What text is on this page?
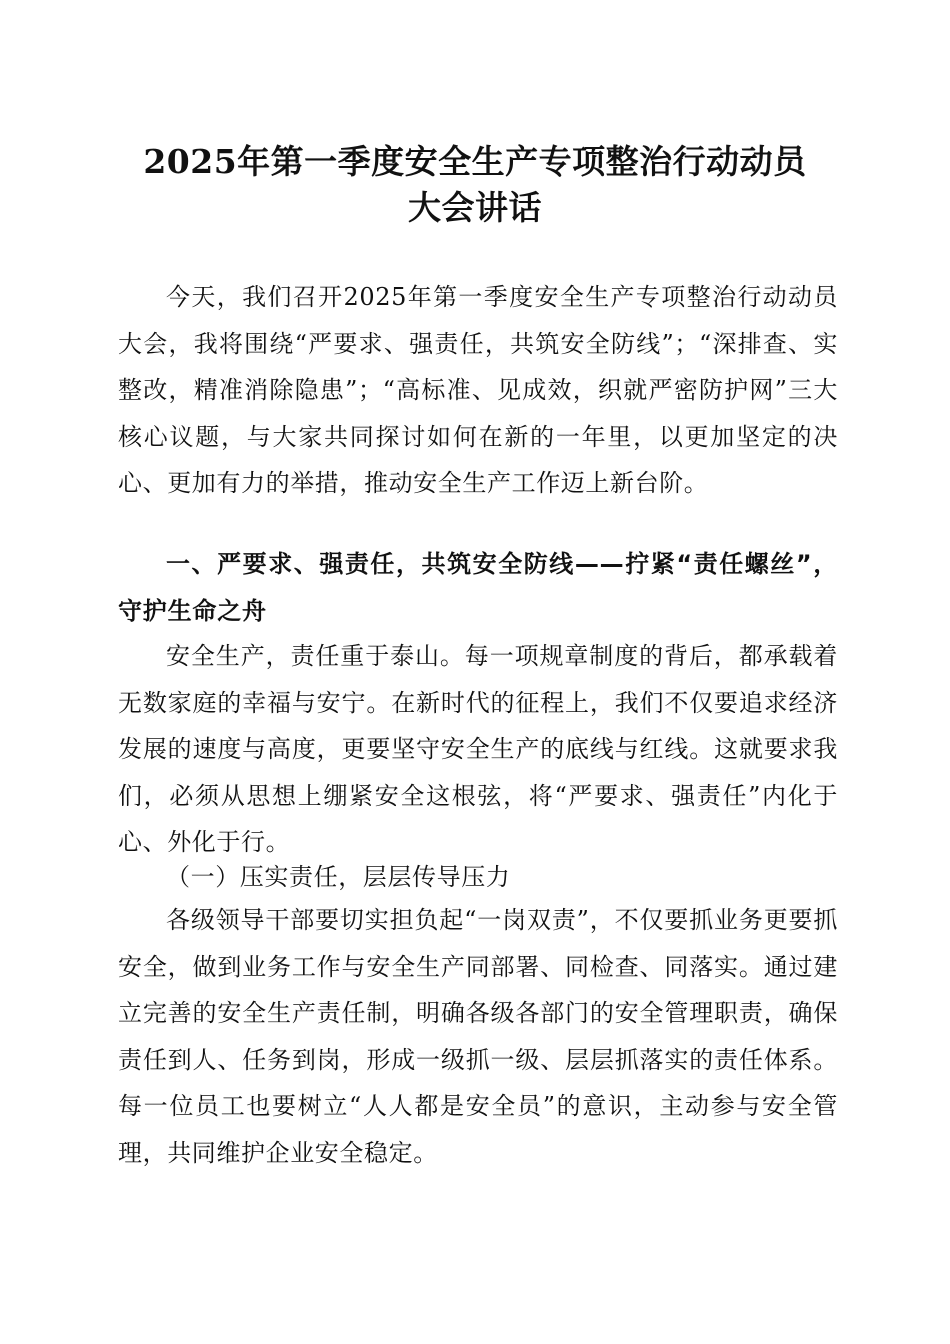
2025年第一季度安全生产专项整治行动动员
大会讲话

今天，我们召开2025年第一季度安全生产专项整治行动动员大会，我将围绕“严要求、强责任，共筑安全防线”；“深排查、实整改，精准消除隐患”；“高标准、见成效，织就严密防护网”三大核心议题，与大家共同探讨如何在新的一年里，以更加坚定的决心、更加有力的举措，推动安全生产工作迈上新台阶。

一、严要求、强责任，共筑安全防线——拧紧“责任螺丝”，守护生命之舟

安全生产，责任重于泰山。每一项规章制度的背后，都承载着无数家庭的幸福与安宁。在新时代的征程上，我们不仅要追求经济发展的速度与高度，更要坚守安全生产的底线与红线。这就要求我们，必须从思想上绷紧安全这根弦，将“严要求、强责任”内化于心、外化于行。

（一）压实责任，层层传导压力

各级领导干部要切实担负起“一岗双责”，不仅要抓业务更要抓安全，做到业务工作与安全生产同部署、同检查、同落实。通过建立完善的安全生产责任制，明确各级各部门的安全管理职责，确保责任到人、任务到岗，形成一级抓一级、层层抓落实的责任体系。每一位员工也要树立“人人都是安全员”的意识，主动参与安全管理，共同维护企业安全稳定。
